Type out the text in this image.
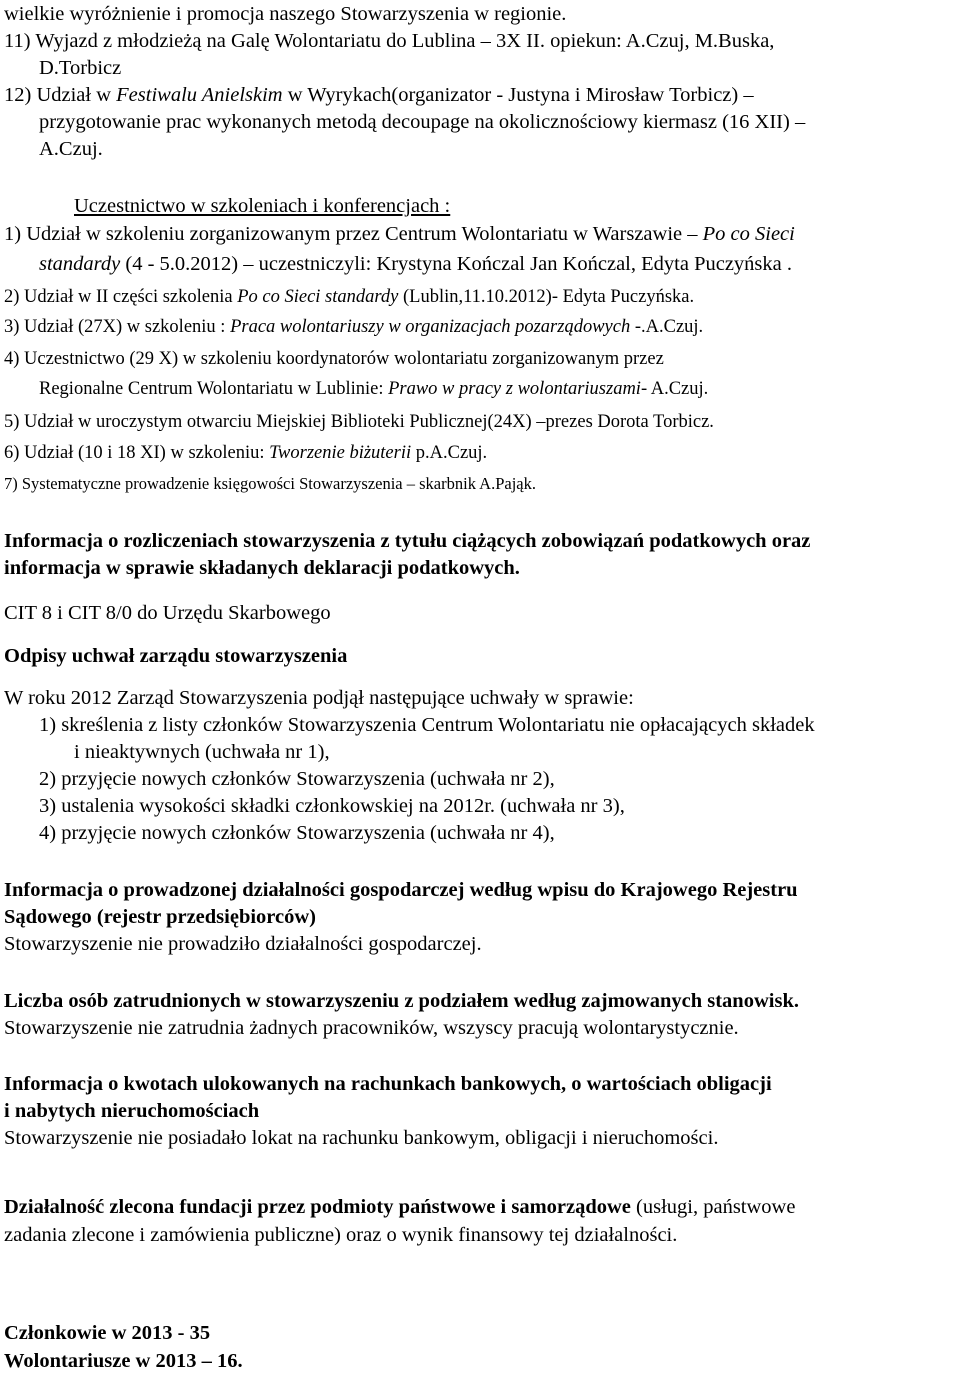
wielkie wyróżnienie i promocja naszego Stowarzyszenia w regionie.
11) Wyjazd z młodzieżą na Galę Wolontariatu do Lublina – 3X II. opiekun: A.Czuj, M.Buska,
D.Torbicz
12) Udział w Festiwalu Anielskim w Wyrykach(organizator - Justyna i Mirosław Torbicz) –
przygotowanie prac wykonanych metodą decoupage na okolicznościowy kiermasz (16 XII) –
A.Czuj.
Uczestnictwo w szkoleniach i konferencjach :
1) Udział w szkoleniu zorganizowanym przez Centrum Wolontariatu w Warszawie – Po co Sieci
standardy (4 - 5.0.2012) – uczestniczyli: Krystyna Kończal Jan Kończal, Edyta Puczyńska .
2) Udział w II części szkolenia Po co Sieci standardy (Lublin,11.10.2012)- Edyta Puczyńska.
3) Udział (27X) w szkoleniu : Praca wolontariuszy w organizacjach pozarządowych -.A.Czuj.
4) Uczestnictwo (29 X) w szkoleniu koordynatorów wolontariatu zorganizowanym przez
Regionalne Centrum Wolontariatu w Lublinie: Prawo w pracy z wolontariuszami- A.Czuj.
5) Udział w uroczystym otwarciu Miejskiej Biblioteki Publicznej(24X) –prezes Dorota Torbicz.
6) Udział (10 i 18 XI) w szkoleniu: Tworzenie biżuterii p.A.Czuj.
7) Systematyczne prowadzenie księgowości Stowarzyszenia – skarbnik A.Pająk.
Informacja o rozliczeniach stowarzyszenia z tytułu ciążących zobowiązań podatkowych oraz
informacja w sprawie składanych deklaracji podatkowych.
CIT 8 i CIT 8/0 do Urzędu Skarbowego
Odpisy uchwał zarządu stowarzyszenia
W roku 2012 Zarząd Stowarzyszenia podjął następujące uchwały w sprawie:
1) skreślenia z listy członków Stowarzyszenia Centrum Wolontariatu nie opłacających składek
i nieaktywnych (uchwała nr 1),
2) przyjęcie nowych członków Stowarzyszenia (uchwała nr 2),
3) ustalenia wysokości składki członkowskiej na 2012r. (uchwała nr 3),
4) przyjęcie nowych członków Stowarzyszenia (uchwała nr 4),
Informacja o prowadzonej działalności gospodarczej według wpisu do Krajowego Rejestru
Sądowego (rejestr przedsiębiorców)
Stowarzyszenie nie prowadziło działalności gospodarczej.
Liczba osób zatrudnionych w stowarzyszeniu z podziałem według zajmowanych stanowisk.
Stowarzyszenie nie zatrudnia żadnych pracowników, wszyscy pracują wolontarystycznie.
Informacja o kwotach ulokowanych na rachunkach bankowych, o wartościach obligacji
i nabytych nieruchomościach
Stowarzyszenie nie posiadało lokat na rachunku bankowym, obligacji i nieruchomości.
Działalność zlecona fundacji przez podmioty państwowe i samorządowe (usługi, państwowe
zadania zlecone i zamówienia publiczne) oraz o wynik finansowy tej działalności.
Członkowie w 2013 - 35
Wolontariusze w 2013 – 16.
